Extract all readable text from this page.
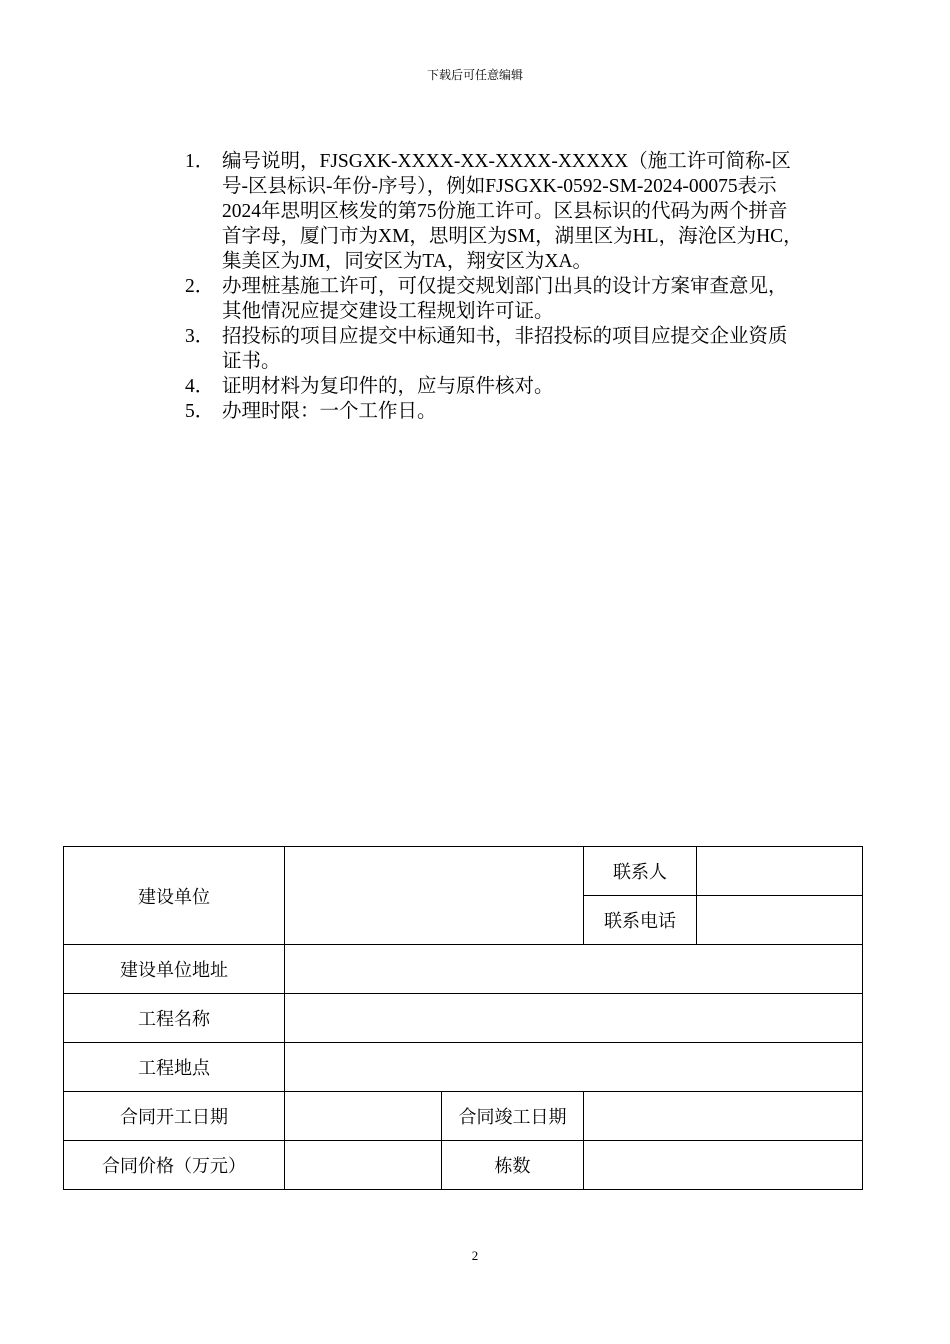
下载后可任意编辑
1． 编号说明，FJSGXK-XXXX-XX-XXXX-XXXXX（施工许可简称-区号-区县标识-年份-序号），例如FJSGXK-0592-SM-2024-00075表示2024年思明区核发的第75份施工许可。区县标识的代码为两个拼音首字母，厦门市为XM，思明区为SM，湖里区为HL，海沧区为HC，集美区为JM，同安区为TA，翔安区为XA。
2． 办理桩基施工许可，可仅提交规划部门出具的设计方案审查意见，其他情况应提交建设工程规划许可证。
3． 招投标的项目应提交中标通知书，非招投标的项目应提交企业资质证书。
4． 证明材料为复印件的，应与原件核对。
5． 办理时限：一个工作日。
建设单位			联系人	
			联系电话	
建设单位地址				
工程名称				
工程地点				
合同开工日期		合同竣工日期		
合同价格（万元）		栋数		
2
